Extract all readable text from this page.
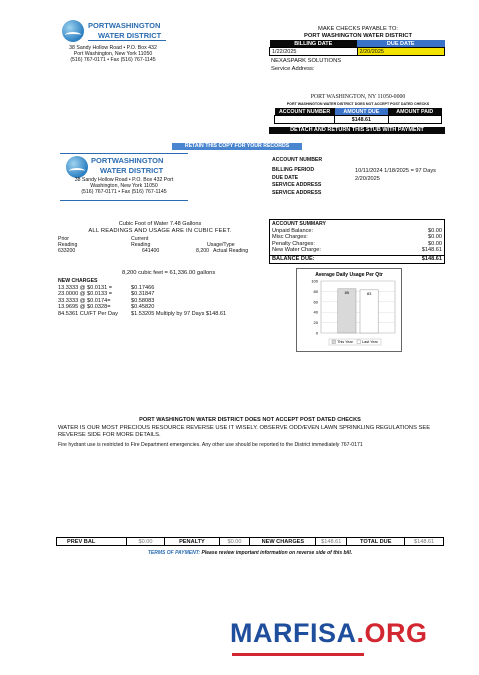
PORTWASHINGTON
WATER DISTRICT
38 Sandy Hollow Road • P.O. Box 432
Port Washington, New York 11050
(516) 767-0171 • Fax (516) 767-1145
MAKE CHECKS PAYABLE TO:
PORT WASHINGTON WATER DISTRICT
BILLING DATE	DUE DATE
1/22/2025	2/20/2025
NEXASPARK SOLUTIONS
Service Address:
PORT WASHINGTON, NY 11050-0000
PORT WASHINGTON WATER DISTRICT DOES NOT ACCEPT POST DATED CHECKS
ACCOUNT NUMBER	AMOUNT DUE	AMOUNT PAID
	$148.61	
DETACH AND RETURN THIS STUB WITH PAYMENT
RETAIN THIS COPY FOR YOUR RECORDS
PORTWASHINGTON
WATER DISTRICT
38 Sandy Hollow Road • P.O. Box 432 Port
Washington, New York 11050
(516) 767-0171 • Fax (516) 767-1145
ACCOUNT NUMBER
BILLING PERIOD	10/11/2024 1/18/2025 = 97 Days
DUE DATE	2/20/2025
SERVICE ADDRESS
SERVICE ADDRESS
Cubic Foot of Water 7.48 Gallons
ALL READINGS AND USAGE ARE IN CUBIC FEET.
Prior	Current
Reading	Reading	Usage/Type
633200	641400	8,200 Actual Reading
8,200 cubic feet = 61,336.00 gallons
NEW CHARGES
13.3333 @ $0.0131 =	$0.17466
23.0000 @ $0.0133 =	$0.31847
33.3333 @ $0.0174=	$0.58083
13.9695 @ $0.0328=	$0.45820
84.5361 CU/FT Per Day $1.53205 Multiply by 97 Days $148.61
ACCOUNT SUMMARY
Unpaid Balance:	$0.00
Misc Charges:	$0.00
Penalty Charges:	$0.00
New Water Charge:	$148.61
BALANCE DUE:	$148.61
Average Daily Usage Per Qtr
0
20
40
60
80
100
85	83
This Year Last Year
PORT WASHINGTON WATER DISTRICT DOES NOT ACCEPT POST DATED CHECKS
WATER IS OUR MOST PRECIOUS RESOURCE REVERSE USE IT WISELY. OBSERVE ODD/EVEN LAWN SPRINKLING REGULATIONS SEE REVERSE SIDE FOR MORE DETAILS.
Fire hydrant use is restricted to Fire Department emergencies. Any other use should be reported to the District immediately 767-0171
PREV BAL	$0.00	PENALTY	$0.00	NEW CHARGES	$148.61	TOTAL DUE	$148.61
TERMS OF PAYMENT: Please review important information on reverse side of this bill.
MARFISA.ORG
